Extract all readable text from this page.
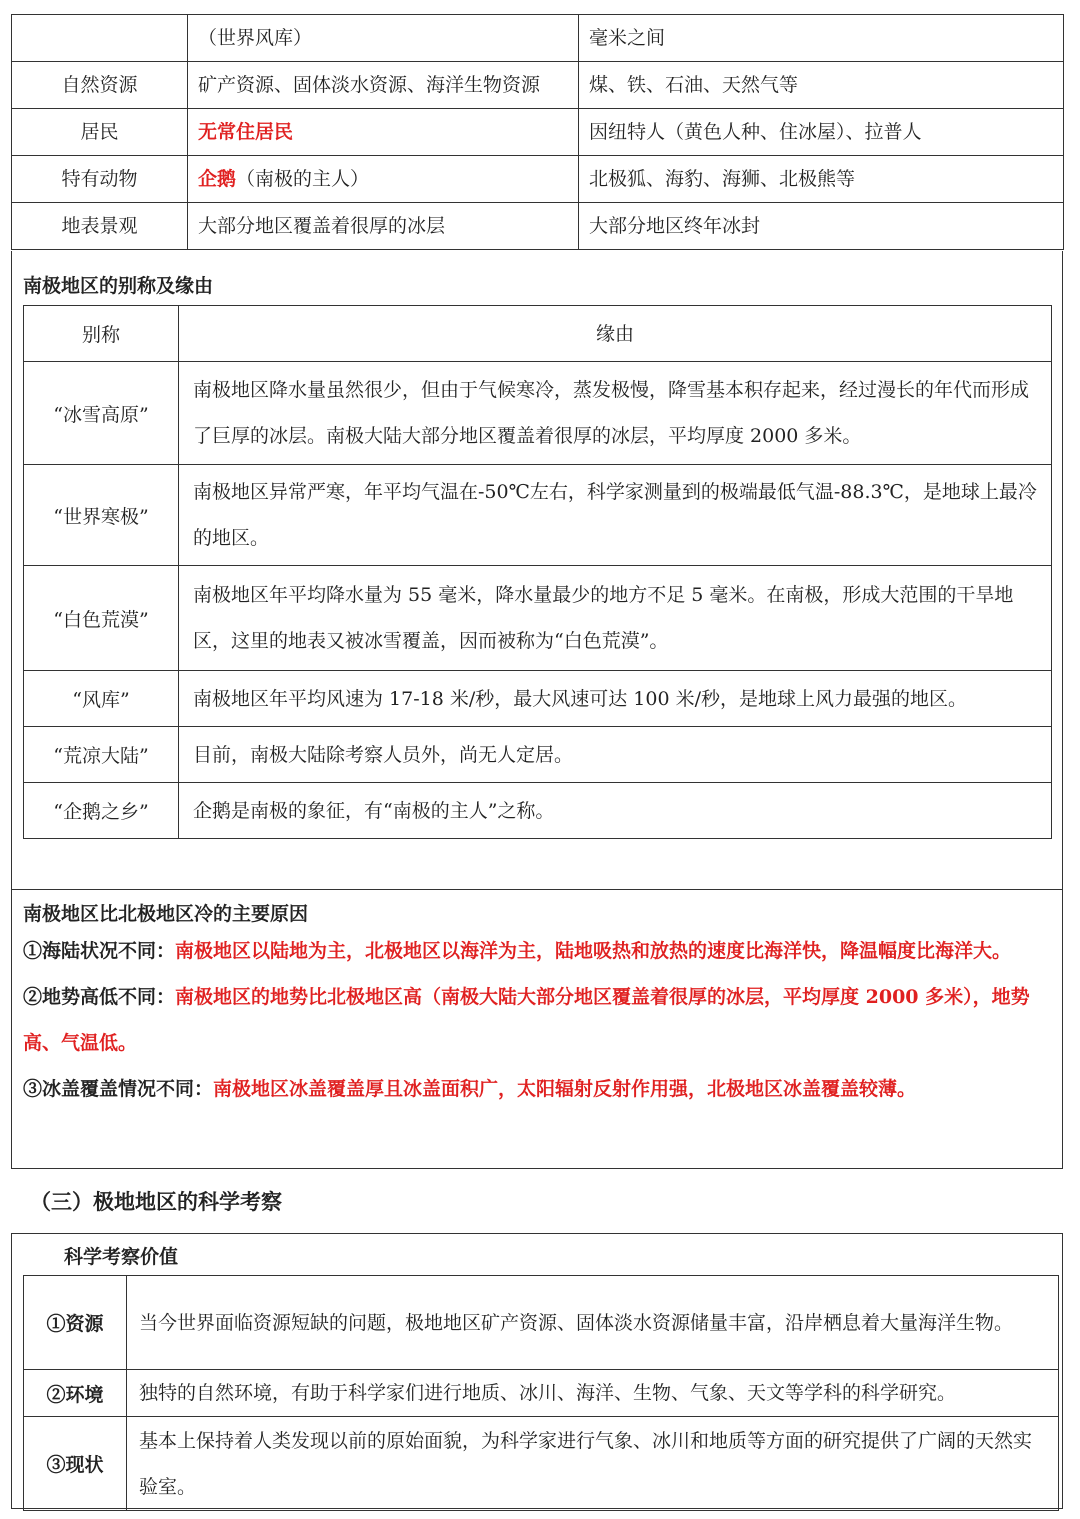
	（世界风库）	毫米之间
自然资源	矿产资源、固体淡水资源、海洋生物资源	煤、铁、石油、天然气等
居民	无常住居民	因纽特人（黄色人种、住冰屋）、拉普人
特有动物	企鹅（南极的主人）	北极狐、海豹、海狮、北极熊等
地表景观	大部分地区覆盖着很厚的冰层	大部分地区终年冰封
南极地区的别称及缘由
别称	缘由
“冰雪高原”	南极地区降水量虽然很少，但由于气候寒冷，蒸发极慢，降雪基本积存起来，经过漫长的年代而形成了巨厚的冰层。南极大陆大部分地区覆盖着很厚的冰层，平均厚度 2000 多米。
“世界寒极”	南极地区异常严寒，年平均气温在-50℃左右，科学家测量到的极端最低气温-88.3℃，是地球上最冷的地区。
“白色荒漠”	南极地区年平均降水量为 55 毫米，降水量最少的地方不足 5 毫米。在南极，形成大范围的干旱地区，这里的地表又被冰雪覆盖，因而被称为“白色荒漠”。
“风库”	南极地区年平均风速为 17-18 米/秒，最大风速可达 100 米/秒，是地球上风力最强的地区。
“荒凉大陆”	目前，南极大陆除考察人员外，尚无人定居。
“企鹅之乡”	企鹅是南极的象征，有“南极的主人”之称。
南极地区比北极地区冷的主要原因

①海陆状况不同：南极地区以陆地为主，北极地区以海洋为主，陆地吸热和放热的速度比海洋快，降温幅度比海洋大。

②地势高低不同：南极地区的地势比北极地区高（南极大陆大部分地区覆盖着很厚的冰层，平均厚度 2000 多米），地势高、气温低。

③冰盖覆盖情况不同：南极地区冰盖覆盖厚且冰盖面积广，太阳辐射反射作用强，北极地区冰盖覆盖较薄。

（三）极地地区的科学考察
科学考察价值
①资源	当今世界面临资源短缺的问题，极地地区矿产资源、固体淡水资源储量丰富，沿岸栖息着大量海洋生物。
②环境	独特的自然环境，有助于科学家们进行地质、冰川、海洋、生物、气象、天文等学科的科学研究。
③现状	基本上保持着人类发现以前的原始面貌，为科学家进行气象、冰川和地质等方面的研究提供了广阔的天然实验室。
